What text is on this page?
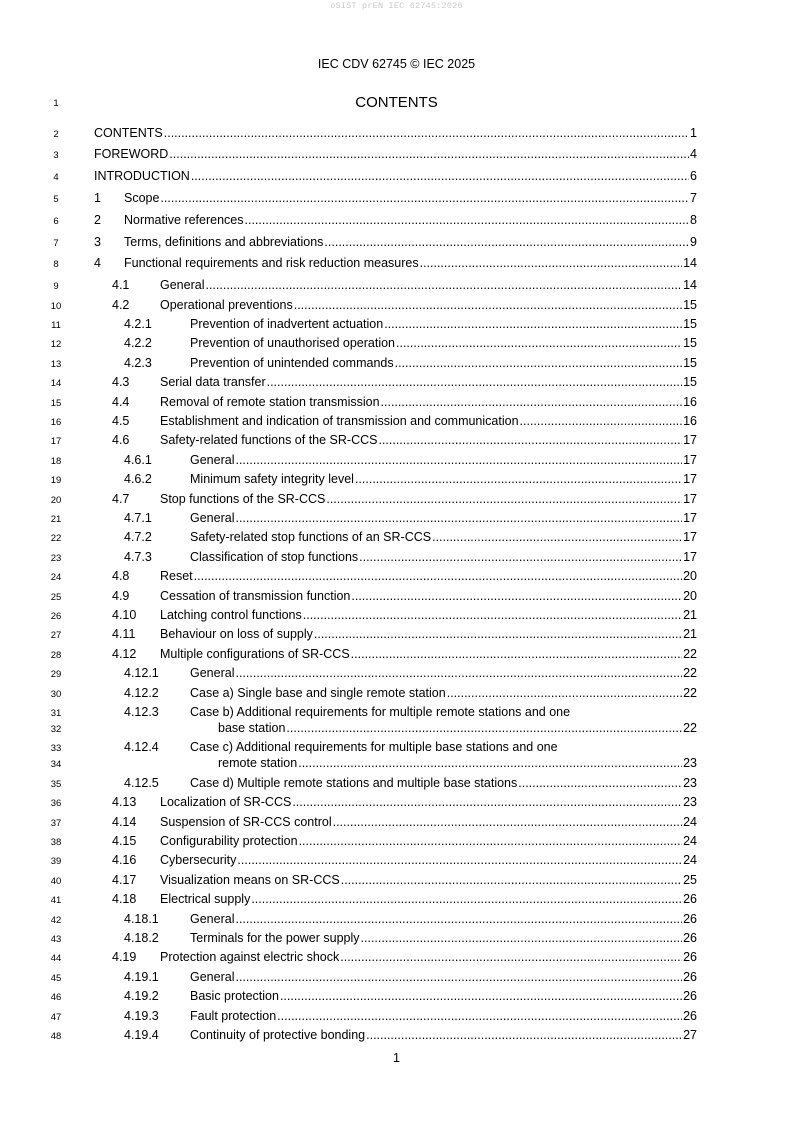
oSIST prEN IEC 62745:2026
IEC CDV 62745 © IEC 2025
1	CONTENTS
2	CONTENTS .....	1
3	FOREWORD .....	4
4	INTRODUCTION .....	6
5	1 Scope .....	7
6	2 Normative references .....	8
7	3 Terms, definitions and abbreviations .....	9
8	4 Functional requirements and risk reduction measures .....	14
9	4.1 General .....	14
10	4.2 Operational preventions .....	15
11	4.2.1	Prevention of inadvertent actuation .....	15
12	4.2.2	Prevention of unauthorised operation .....	15
13	4.2.3	Prevention of unintended commands .....	15
14	4.3 Serial data transfer .....	15
15	4.4 Removal of remote station transmission .....	16
16	4.5 Establishment and indication of transmission and communication .....	16
17	4.6 Safety-related functions of the SR-CCS .....	17
18	4.6.1	General .....	17
19	4.6.2	Minimum safety integrity level .....	17
20	4.7 Stop functions of the SR-CCS .....	17
21	4.7.1	General .....	17
22	4.7.2	Safety-related stop functions of an SR-CCS .....	17
23	4.7.3	Classification of stop functions .....	17
24	4.8 Reset .....	20
25	4.9 Cessation of transmission function .....	20
26	4.10 Latching control functions .....	21
27	4.11 Behaviour on loss of supply .....	21
28	4.12 Multiple configurations of SR-CCS .....	22
29	4.12.1 General .....	22
30	4.12.2 Case a) Single base and single remote station .....	22
31	4.12.3 Case b) Additional requirements for multiple remote stations and one
32	base station .....	22
33	4.12.4 Case c) Additional requirements for multiple base stations and one
34	remote station .....	23
35	4.12.5 Case d) Multiple remote stations and multiple base stations .....	23
36	4.13 Localization of SR-CCS .....	23
37	4.14 Suspension of SR-CCS control .....	24
38	4.15 Configurability protection .....	24
39	4.16 Cybersecurity .....	24
40	4.17 Visualization means on SR-CCS .....	25
41	4.18 Electrical supply .....	26
42	4.18.1 General .....	26
43	4.18.2 Terminals for the power supply .....	26
44	4.19 Protection against electric shock .....	26
45	4.19.1 General .....	26
46	4.19.2 Basic protection .....	26
47	4.19.3 Fault protection .....	26
48	4.19.4 Continuity of protective bonding .....	27
1
